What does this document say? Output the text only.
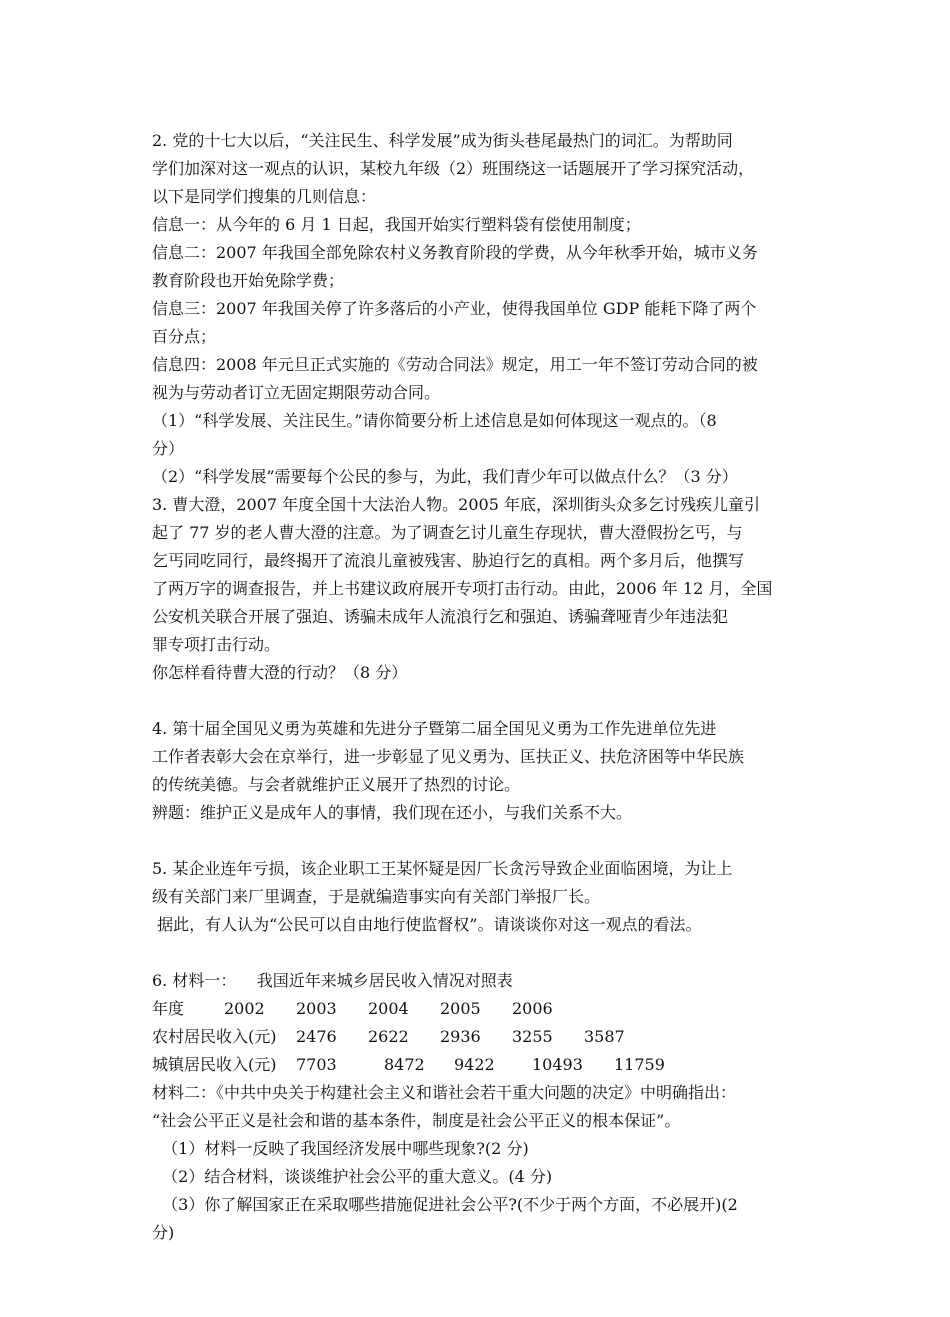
2. 党的十七大以后，“关注民生、科学发展”成为街头巷尾最热门的词汇。为帮助同
学们加深对这一观点的认识，某校九年级（2）班围绕这一话题展开了学习探究活动，
以下是同学们搜集的几则信息：
信息一：从今年的 6 月 1 日起，我国开始实行塑料袋有偿使用制度；
信息二：2007 年我国全部免除农村义务教育阶段的学费，从今年秋季开始，城市义务
教育阶段也开始免除学费；
信息三：2007 年我国关停了许多落后的小产业，使得我国单位 GDP 能耗下降了两个
百分点；
信息四：2008 年元旦正式实施的《劳动合同法》规定，用工一年不签订劳动合同的被
视为与劳动者订立无固定期限劳动合同。
（1）“科学发展、关注民生。”请你简要分析上述信息是如何体现这一观点的。（8
分）
（2）“科学发展”需要每个公民的参与，为此，我们青少年可以做点什么？（3 分）
3. 曹大澄，2007 年度全国十大法治人物。2005 年底，深圳街头众多乞讨残疾儿童引
起了 77 岁的老人曹大澄的注意。为了调查乞讨儿童生存现状，曹大澄假扮乞丐，与
乞丐同吃同行，最终揭开了流浪儿童被残害、胁迫行乞的真相。两个多月后，他撰写
了两万字的调查报告，并上书建议政府展开专项打击行动。由此，2006 年 12 月，全国
公安机关联合开展了强迫、诱骗未成年人流浪行乞和强迫、诱骗聋哑青少年违法犯
罪专项打击行动。
你怎样看待曹大澄的行动？（8 分）
4. 第十届全国见义勇为英雄和先进分子暨第二届全国见义勇为工作先进单位先进
工作者表彰大会在京举行，进一步彰显了见义勇为、匡扶正义、扶危济困等中华民族
的传统美德。与会者就维护正义展开了热烈的讨论。
辨题：维护正义是成年人的事情，我们现在还小，与我们关系不大。
5. 某企业连年亏损，该企业职工王某怀疑是因厂长贪污导致企业面临困境，为让上
级有关部门来厂里调查，于是就编造事实向有关部门举报厂长。
据此，有人认为“公民可以自由地行使监督权”。请谈谈你对这一观点的看法。
6. 材料一：    我国近年来城乡居民收入情况对照表
年度	2002	2003	2004	2005	2006
农村居民收入(元)	2476	2622	2936	3255	3587
城镇居民收入(元)	7703	8472	9422	10493	11759
材料二：《中共中央关于构建社会主义和谐社会若干重大问题的决定》中明确指出：
“社会公平正义是社会和谐的基本条件，制度是社会公平正义的根本保证”。
（1）材料一反映了我国经济发展中哪些现象?(2 分)
（2）结合材料，谈谈维护社会公平的重大意义。(4 分)
（3）你了解国家正在采取哪些措施促进社会公平?(不少于两个方面，不必展开)(2
分)
